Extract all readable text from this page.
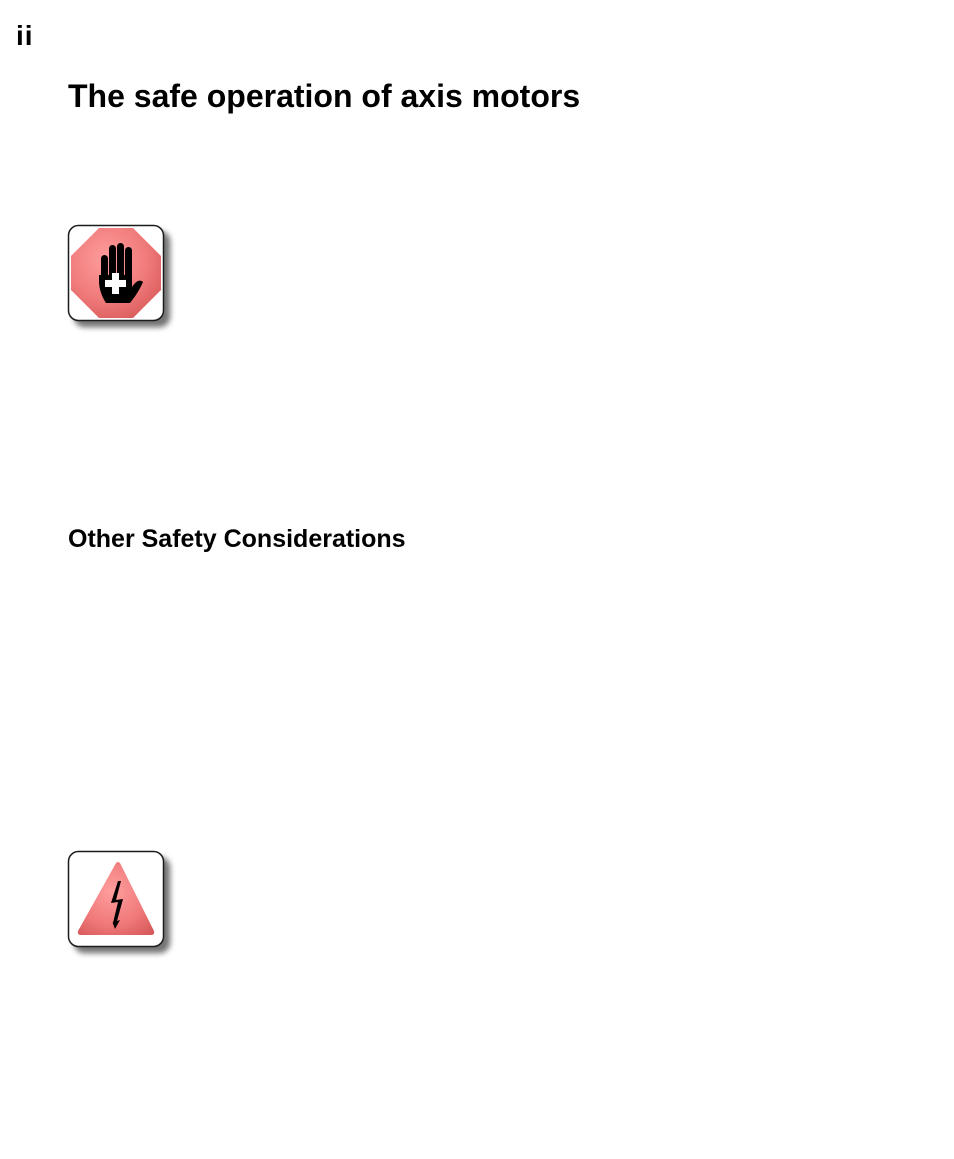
ii
The safe operation of axis motors
Other Safety Considerations
